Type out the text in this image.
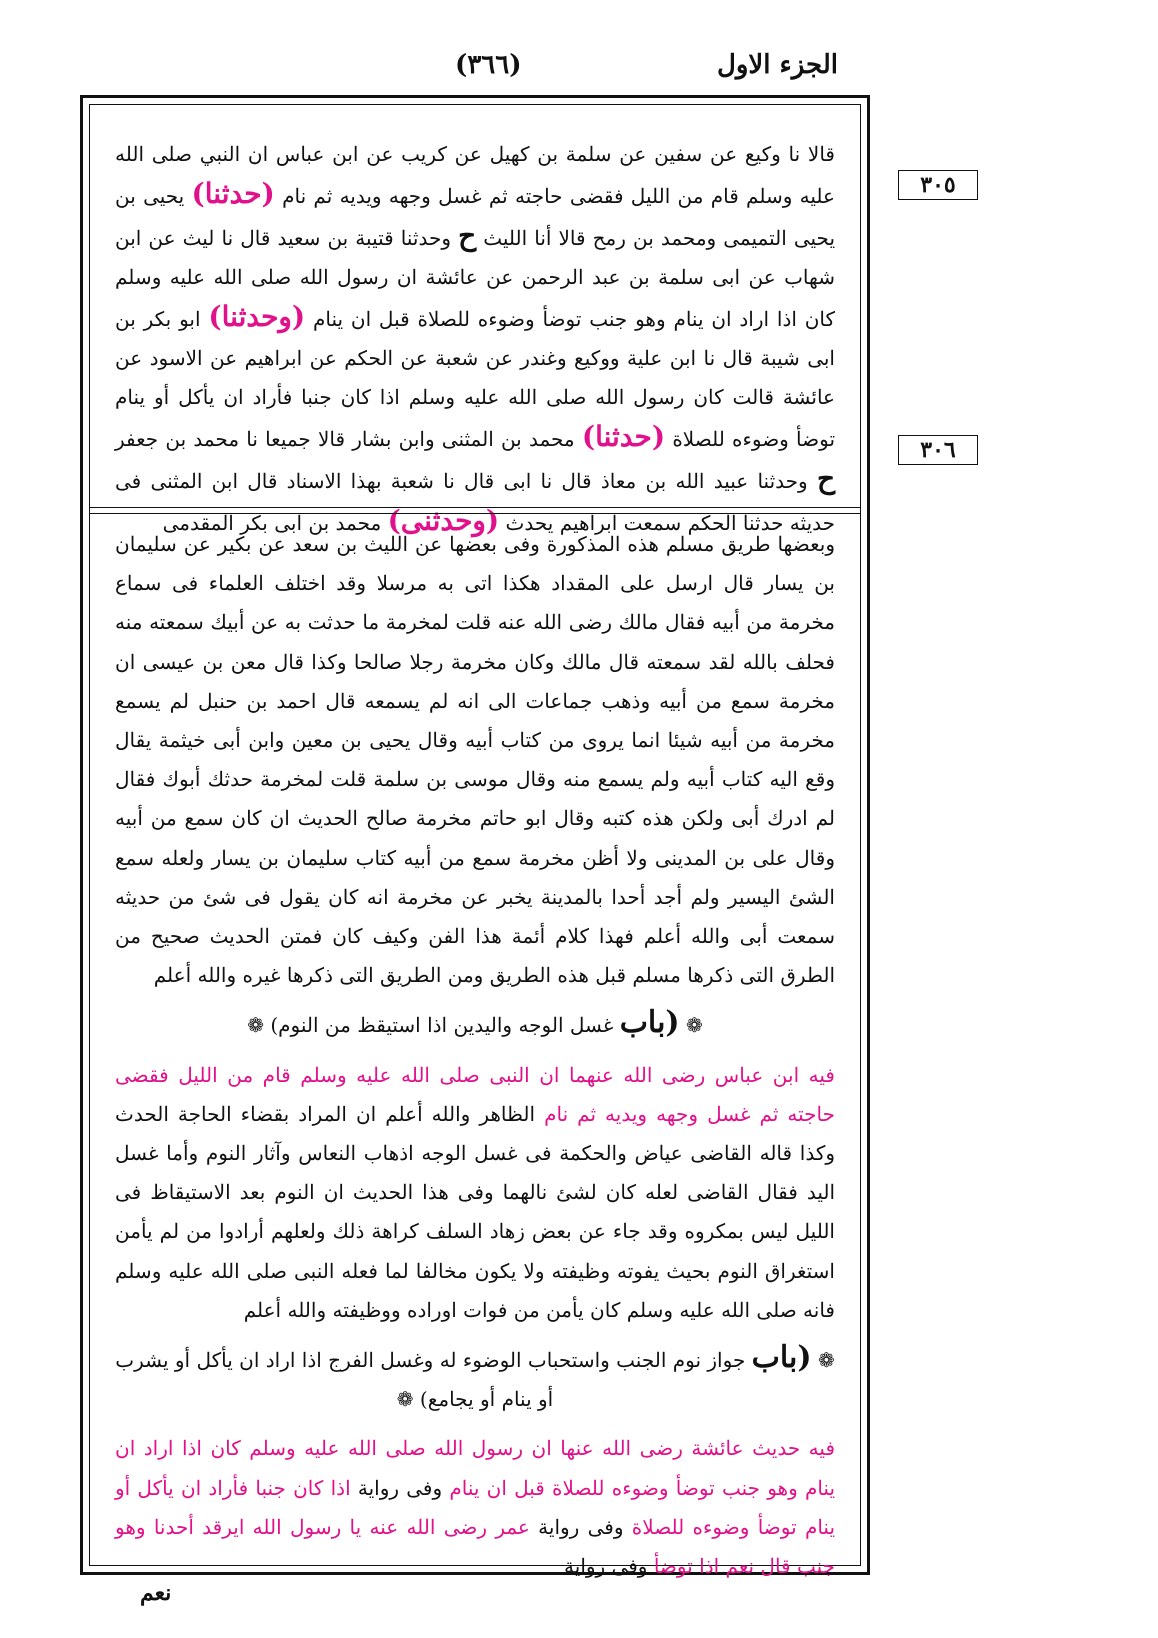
الجزء الاول
(٣٦٦)
٣٠٥
٣٠٦
قالا نا وكيع عن سفين عن سلمة بن كهيل عن كريب عن ابن عباس ان النبي صلى الله عليه وسلم قام من الليل فقضى حاجته ثم غسل وجهه ويديه ثم نام (حدثنا) يحيى بن يحيى التميمى ومحمد بن رمح قالا أنا الليث ح وحدثنا قتيبة بن سعيد قال نا ليث عن ابن شهاب عن ابى سلمة بن عبد الرحمن عن عائشة ان رسول الله صلى الله عليه وسلم كان اذا اراد ان ينام وهو جنب توضأ وضوءه للصلاة قبل ان ينام (وحدثنا) ابو بكر بن ابى شيبة قال نا ابن علية ووكيع وغندر عن شعبة عن الحكم عن ابراهيم عن الاسود عن عائشة قالت كان رسول الله صلى الله عليه وسلم اذا كان جنبا فأراد ان يأكل أو ينام توضأ وضوءه للصلاة (حدثنا) محمد بن المثنى وابن بشار قالا جميعا نا محمد بن جعفر ح وحدثنا عبيد الله بن معاذ قال نا ابى قال نا شعبة بهذا الاسناد قال ابن المثنى فى حديثه حدثنا الحكم سمعت ابراهيم يحدث (وحدثنى) محمد بن ابى بكر المقدمى

وبعضها طريق مسلم هذه المذكورة وفى بعضها عن الليث بن سعد عن بكير عن سليمان بن يسار قال ارسل على المقداد هكذا اتى به مرسلا وقد اختلف العلماء فى سماع مخرمة من أبيه فقال مالك رضى الله عنه قلت لمخرمة ما حدثت به عن أبيك سمعته منه فحلف بالله لقد سمعته قال مالك وكان مخرمة رجلا صالحا وكذا قال معن بن عيسى ان مخرمة سمع من أبيه وذهب جماعات الى انه لم يسمعه قال احمد بن حنبل لم يسمع مخرمة من أبيه شيئا انما يروى من كتاب أبيه وقال يحيى بن معين وابن أبى خيثمة يقال وقع اليه كتاب أبيه ولم يسمع منه وقال موسى بن سلمة قلت لمخرمة حدثك أبوك فقال لم ادرك أبى ولكن هذه كتبه وقال ابو حاتم مخرمة صالح الحديث ان كان سمع من أبيه وقال على بن المدينى ولا أظن مخرمة سمع من أبيه كتاب سليمان بن يسار ولعله سمع الشئ اليسير ولم أجد أحدا بالمدينة يخبر عن مخرمة انه كان يقول فى شئ من حديثه سمعت أبى والله أعلم فهذا كلام أئمة هذا الفن وكيف كان فمتن الحديث صحيح من الطرق التى ذكرها مسلم قبل هذه الطريق ومن الطريق التى ذكرها غيره والله أعلم

❁ (باب غسل الوجه واليدين اذا استيقظ من النوم) ❁

فيه ابن عباس رضى الله عنهما ان النبى صلى الله عليه وسلم قام من الليل فقضى حاجته ثم غسل وجهه ويديه ثم نام الظاهر والله أعلم ان المراد بقضاء الحاجة الحدث وكذا قاله القاضى عياض والحكمة فى غسل الوجه اذهاب النعاس وآثار النوم وأما غسل اليد فقال القاضى لعله كان لشئ نالهما وفى هذا الحديث ان النوم بعد الاستيقاظ فى الليل ليس بمكروه وقد جاء عن بعض زهاد السلف كراهة ذلك ولعلهم أرادوا من لم يأمن استغراق النوم بحيث يفوته وظيفته ولا يكون مخالفا لما فعله النبى صلى الله عليه وسلم فانه صلى الله عليه وسلم كان يأمن من فوات اوراده ووظيفته والله أعلم

❁ (باب جواز نوم الجنب واستحباب الوضوء له وغسل الفرج اذا اراد ان يأكل أو يشرب أو ينام أو يجامع) ❁

فيه حديث عائشة رضى الله عنها ان رسول الله صلى الله عليه وسلم كان اذا اراد ان ينام وهو جنب توضأ وضوءه للصلاة قبل ان ينام وفى رواية اذا كان جنبا فأراد ان يأكل أو ينام توضأ وضوءه للصلاة وفى رواية عمر رضى الله عنه يا رسول الله ايرقد أحدنا وهو جنب قال نعم اذا توضأ وفى رواية

نعم
